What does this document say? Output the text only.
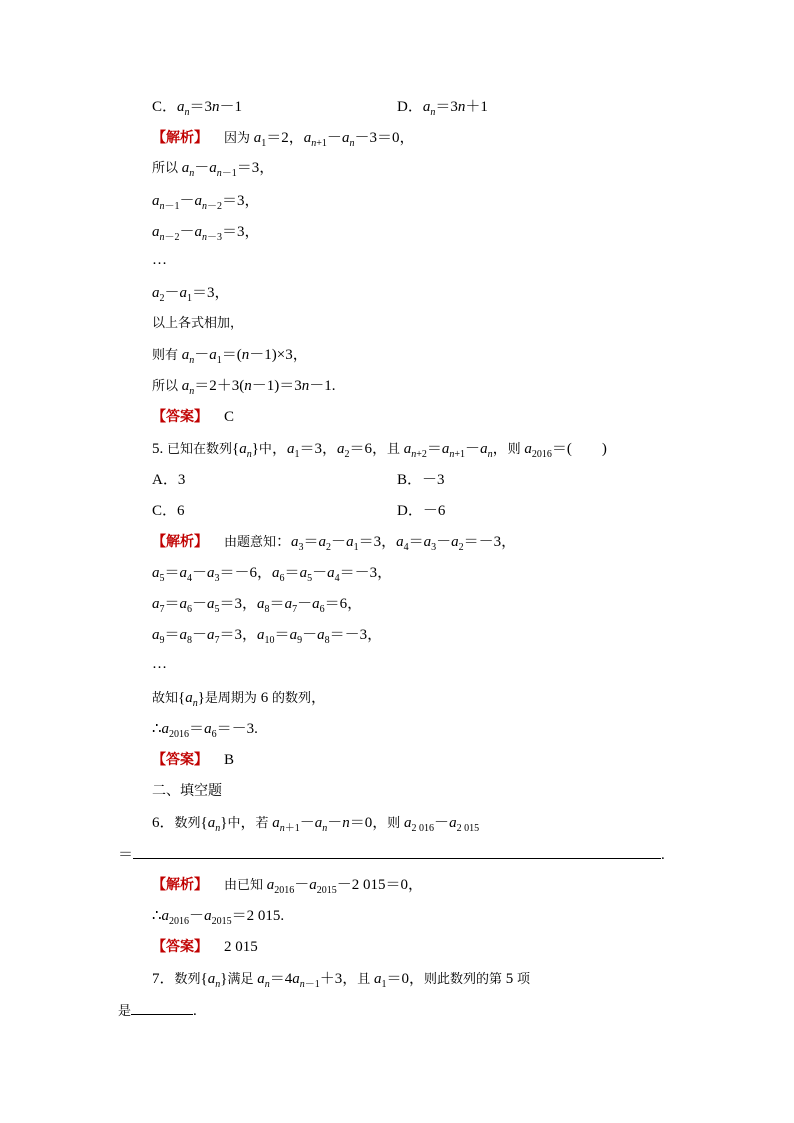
C．$a_n=3n-1$	D．$a_n=3n+1$
【解析】 因为 $a_1=2$，$a_{n+1}-a_n-3=0$，
所以 $a_n-a_{n-1}=3$，
$a_{n-1}-a_{n-2}=3$，
$a_{n-2}-a_{n-3}=3$，
…
$a_2-a_1=3$，
以上各式相加，
则有 $a_n-a_1=(n-1)\times 3$，
所以 $a_n=2+3(n-1)=3n-1$.
【答案】 C
5. 已知在数列$\{a_n\}$中，$a_1=3$，$a_2=6$，且 $a_{n+2}=a_{n+1}-a_n$，则 $a_{2016}=$(　　)
A．3	B．－3
C．6	D．－6
【解析】 由题意知：$a_3=a_2-a_1=3$，$a_4=a_3-a_2=-3$，
$a_5=a_4-a_3=-6$，$a_6=a_5-a_4=-3$，
$a_7=a_6-a_5=3$，$a_8=a_7-a_6=6$，
$a_9=a_8-a_7=3$，$a_{10}=a_9-a_8=-3$，
…
故知$\{a_n\}$是周期为 6 的数列，
$\therefore a_{2016}=a_6=-3$.
【答案】 B
二、填空题
6．数列$\{a_n\}$中，若 $a_{n+1}-a_n-n=0$，则 $a_{2 016}-a_{2 015}$
＝	.
【解析】 由已知 $a_{2016}-a_{2015}-2$ 015＝0，
$\therefore a_{2016}-a_{2015}=2$ 015.
【答案】 2 015
7．数列$\{a_n\}$满足 $a_n=4a_{n-1}+3$，且 $a_1=0$，则此数列的第 5 项
是	.
